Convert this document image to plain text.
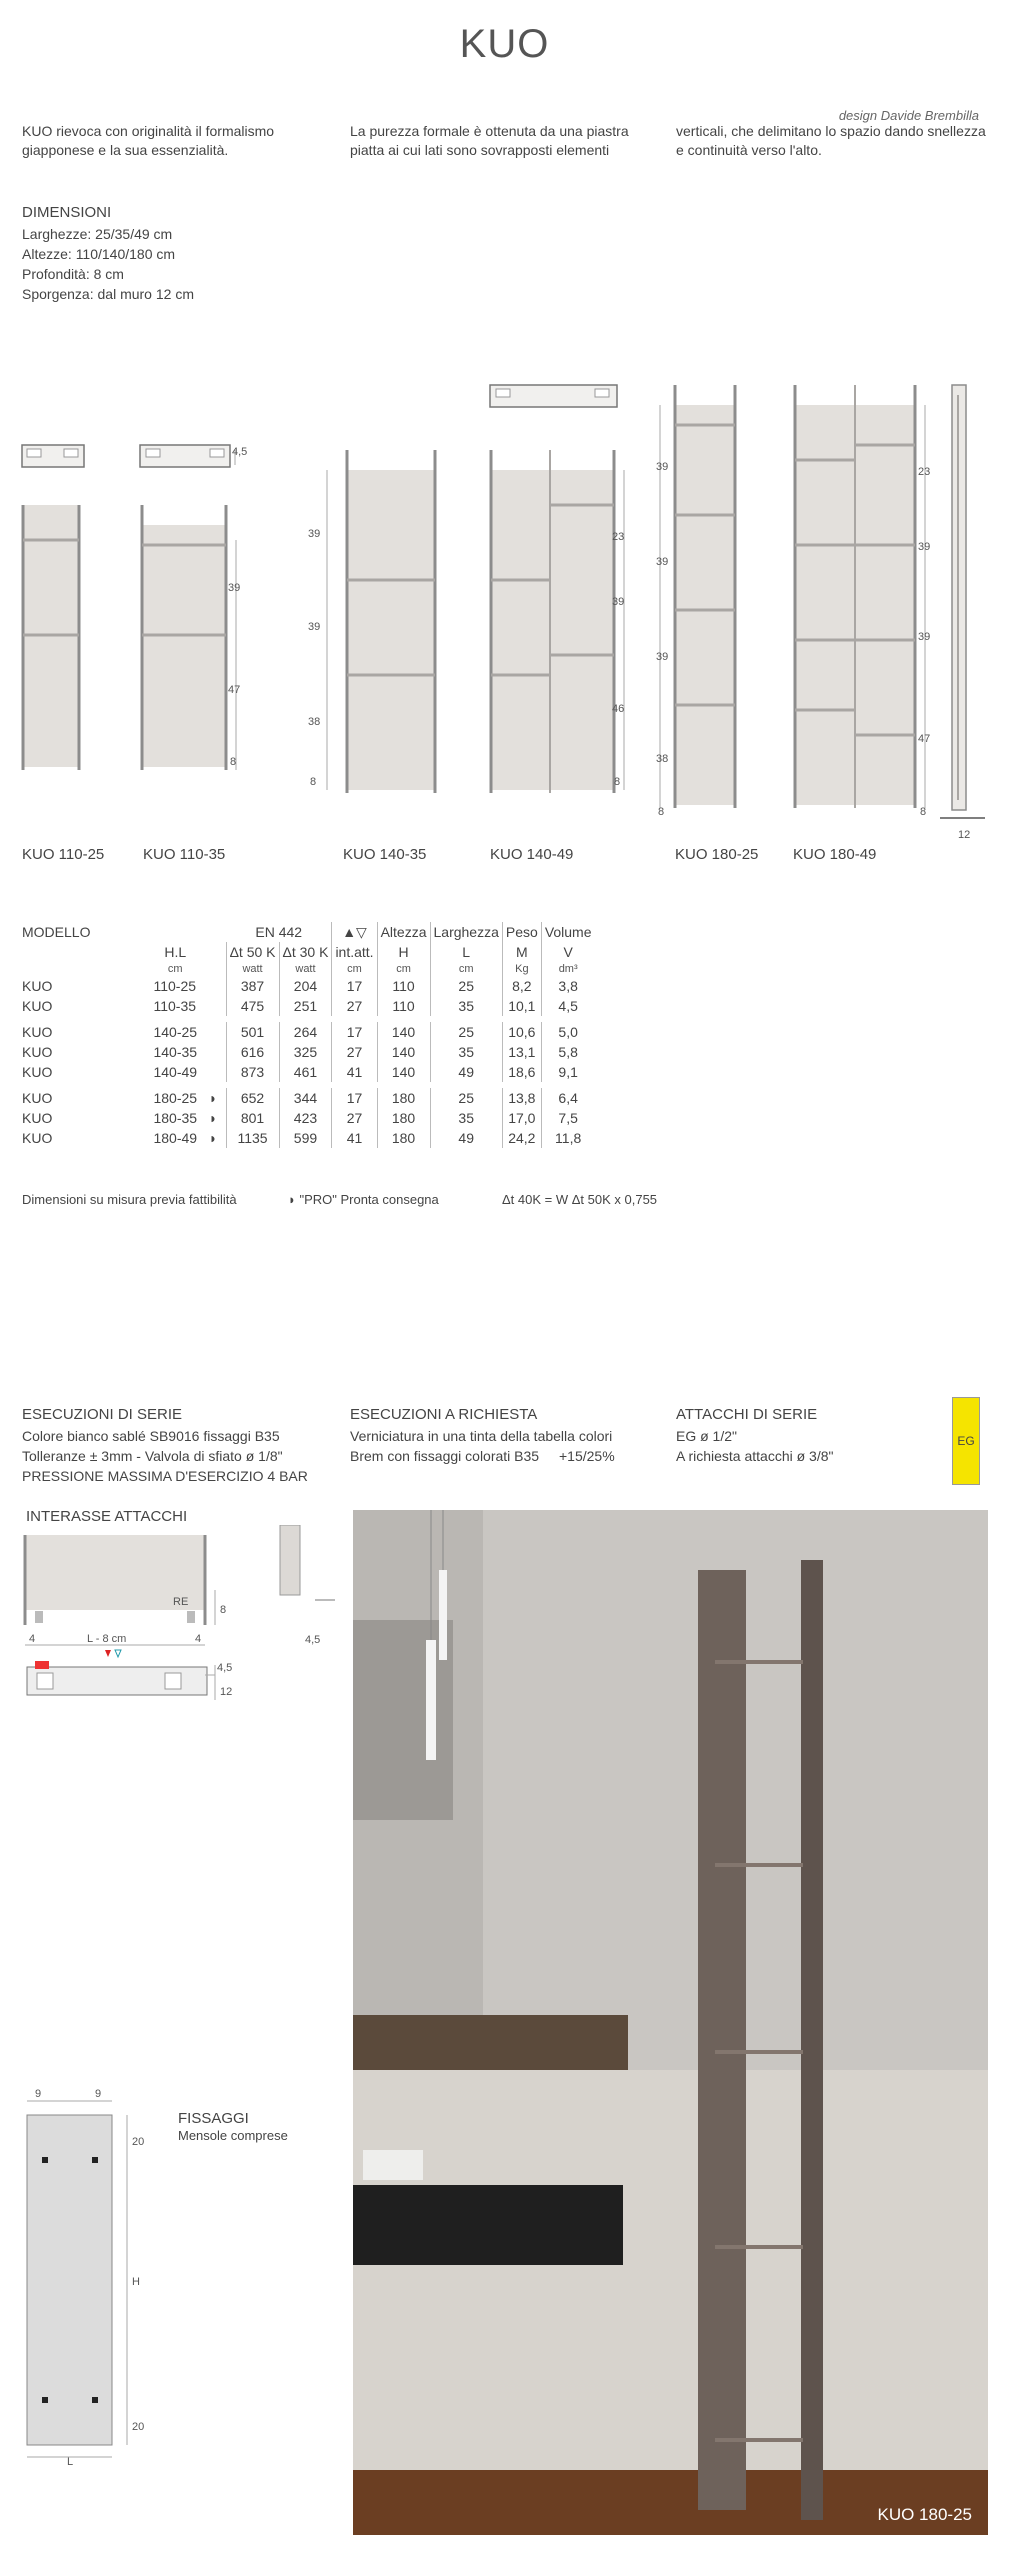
KUO
design Davide Brembilla
KUO rievoca con originalità il formalismo giapponese e la sua essenzialità.
La purezza formale è ottenuta da una piastra piatta ai cui lati sono sovrapposti elementi
verticali, che delimitano lo spazio dando snellezza e continuità verso l'alto.
DIMENSIONI
Larghezze: 25/35/49 cm
Altezze: 110/140/180 cm
Profondità: 8 cm
Sporgenza: dal muro 12 cm
4,5
39
47
8
39
39
38
8
23
39
46
8
39
39
39
38
8
23
39
39
47
8
12
KUO 110-25	KUO 110-35	KUO 140-35	KUO 140-49	KUO 180-25 KUO 180-49
MODELLO			EN 442		▲▽	Altezza	Larghezza	Peso	Volume
	H.L		Δt 50 K	Δt 30 K	int.att.	H	L	M	V
	cm		watt	watt	cm	cm	cm	Kg	dm³
KUO	110-25		387	204	17	110	25	8,2	3,8
KUO	110-35		475	251	27	110	35	10,1	4,5
KUO	140-25		501	264	17	140	25	10,6	5,0
KUO	140-35		616	325	27	140	35	13,1	5,8
KUO	140-49		873	461	41	140	49	18,6	9,1
KUO	180-25	◗	652	344	17	180	25	13,8	6,4
KUO	180-35	◗	801	423	27	180	35	17,0	7,5
KUO	180-49	◗	1135	599	41	180	49	24,2	11,8
Dimensioni su misura previa fattibilità	◗ "PRO" Pronta consegna	Δt 40K = W Δt 50K x 0,755
ESECUZIONI DI SERIE
Colore bianco sablé SB9016 fissaggi B35
Tolleranze ± 3mm - Valvola di sfiato ø 1/8"
PRESSIONE MASSIMA D'ESERCIZIO 4 BAR
ESECUZIONI A RICHIESTA
Verniciatura in una tinta della tabella colori
Brem con fissaggi colorati B35 +15/25%
ATTACCHI DI SERIE
EG ø 1/2"
A richiesta attacchi ø 3/8"
EG
INTERASSE ATTACCHI
RE
8
4	4
L - 8 cm
4,5
12
4,5
9	9
20
H
20
L
FISSAGGI
Mensole comprese
KUO 180-25
